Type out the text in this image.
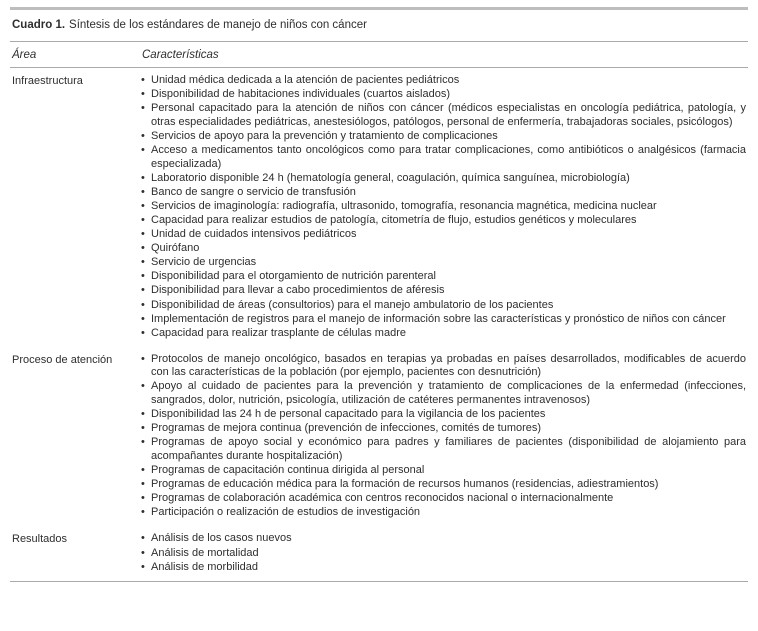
Cuadro 1. Síntesis de los estándares de manejo de niños con cáncer
Área	Características
Infraestructura	
•Unidad médica dedicada a la atención de pacientes pediátricos
• Disponibilidad de habitaciones individuales (cuartos aislados)
• Personal capacitado para la atención de niños con cáncer (médicos especialistas en oncología pediátrica, patología, y otras especialidades pediátricas, anestesiólogos, patólogos, personal de enfermería, trabajadoras sociales, psicólogos)
• Servicios de apoyo para la prevención y tratamiento de complicaciones
• Acceso a medicamentos tanto oncológicos como para tratar complicaciones, como antibióticos o analgésicos (farmacia especializada)
• Laboratorio disponible 24 h (hematología general, coagulación, química sanguínea, microbiología)
• Banco de sangre o servicio de transfusión
• Servicios de imaginología: radiografía, ultrasonido, tomografía, resonancia magnética, medicina nuclear
• Capacidad para realizar estudios de patología, citometría de flujo, estudios genéticos y moleculares
• Unidad de cuidados intensivos pediátricos
• Quirófano
• Servicio de urgencias
• Disponibilidad para el otorgamiento de nutrición parenteral
• Disponibilidad para llevar a cabo procedimientos de aféresis
• Disponibilidad de áreas (consultorios) para el manejo ambulatorio de los pacientes
• Implementación de registros para el manejo de información sobre las características y pronóstico de niños con cáncer
• Capacidad para realizar trasplante de células madre

Proceso de atención	
•Protocolos de manejo oncológico, basados en terapias ya probadas en países desarrollados, modificables de acuerdo con las características de la población (por ejemplo, pacientes con desnutrición)
• Apoyo al cuidado de pacientes para la prevención y tratamiento de complicaciones de la enfermedad (infecciones, sangrados, dolor, nutrición, psicología, utilización de catéteres permanentes intravenosos)
• Disponibilidad las 24 h de personal capacitado para la vigilancia de los pacientes
• Programas de mejora continua (prevención de infecciones, comités de tumores)
• Programas de apoyo social y económico para padres y familiares de pacientes (disponibilidad de alojamiento para acompañantes durante hospitalización)
• Programas de capacitación continua dirigida al personal
• Programas de educación médica para la formación de recursos humanos (residencias, adiestramientos)
• Programas de colaboración académica con centros reconocidos nacional o internacionalmente
• Participación o realización de estudios de investigación

Resultados	
•Análisis de los casos nuevos
• Análisis de mortalidad
• Análisis de morbilidad
